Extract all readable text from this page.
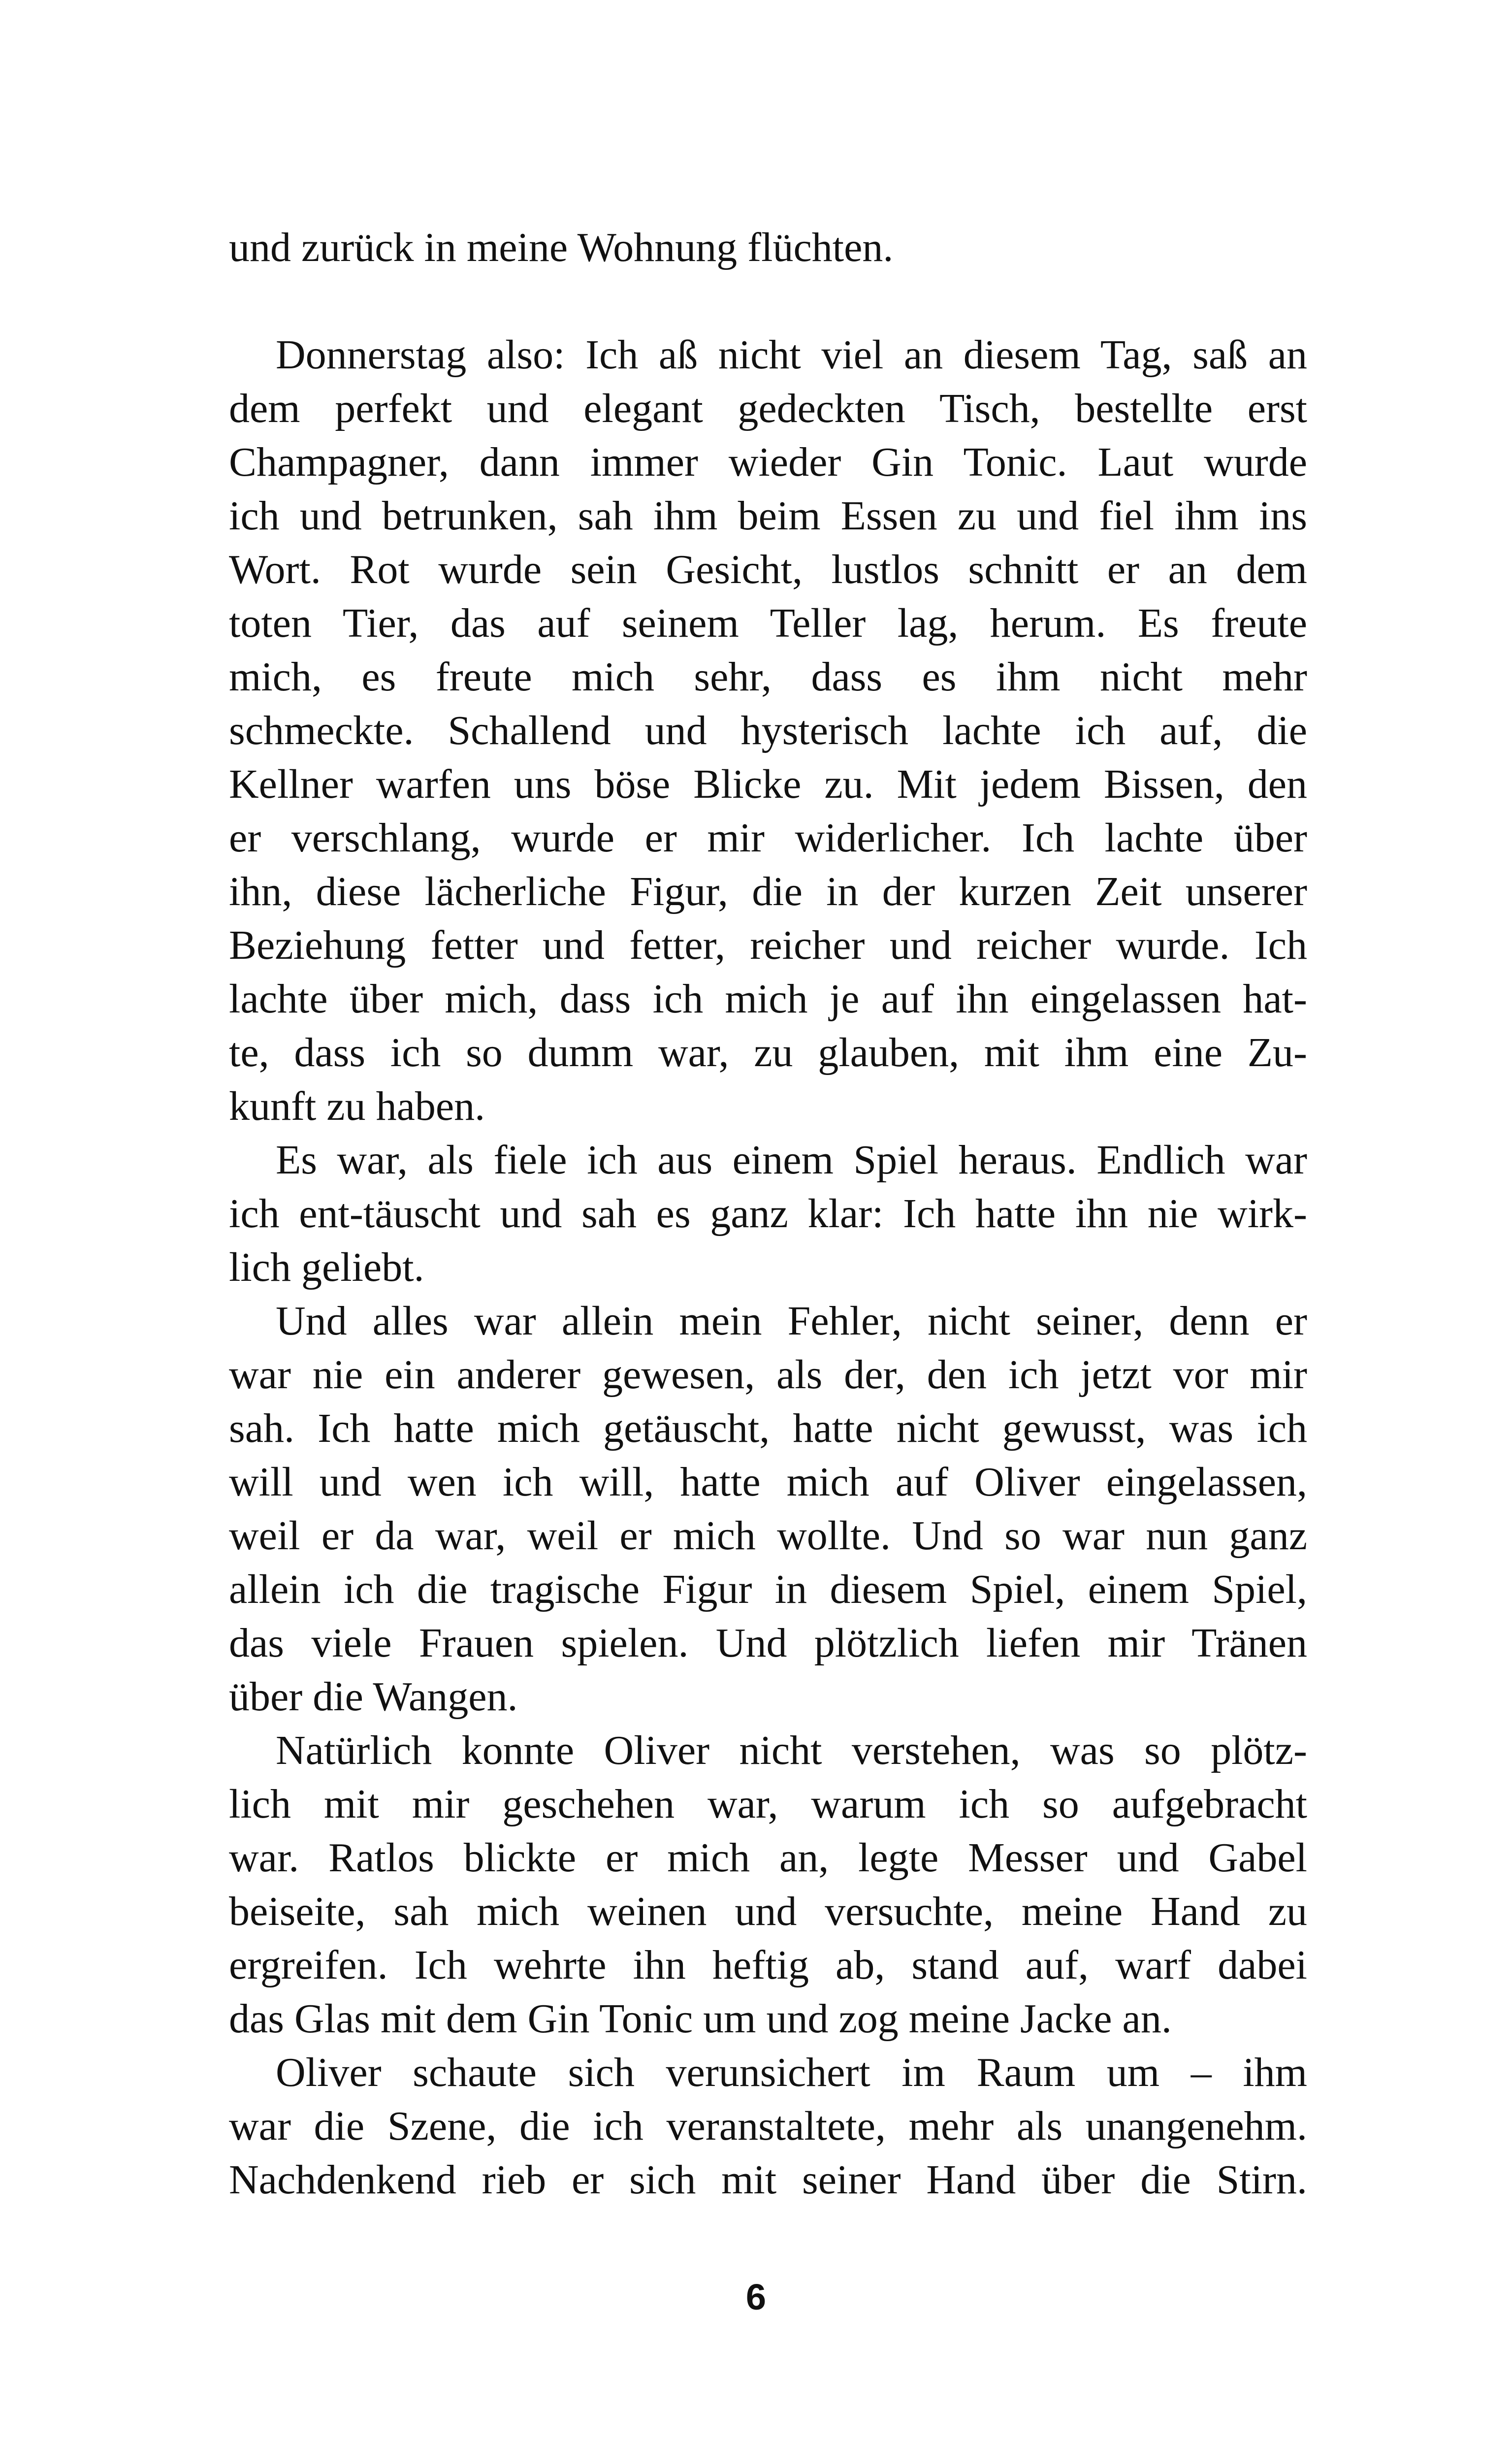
und zurück in meine Wohnung flüchten.
Donnerstag also: Ich aß nicht viel an diesem Tag, saß an
dem perfekt und elegant gedeckten Tisch, bestellte erst
Champagner, dann immer wieder Gin Tonic. Laut wurde
ich und betrunken, sah ihm beim Essen zu und fiel ihm ins
Wort. Rot wurde sein Gesicht, lustlos schnitt er an dem
toten Tier, das auf seinem Teller lag, herum. Es freute
mich, es freute mich sehr, dass es ihm nicht mehr
schmeckte. Schallend und hysterisch lachte ich auf, die
Kellner warfen uns böse Blicke zu. Mit jedem Bissen, den
er verschlang, wurde er mir widerlicher. Ich lachte über
ihn, diese lächerliche Figur, die in der kurzen Zeit unserer
Beziehung fetter und fetter, reicher und reicher wurde. Ich
lachte über mich, dass ich mich je auf ihn eingelassen hat-
te, dass ich so dumm war, zu glauben, mit ihm eine Zu-
kunft zu haben.
Es war, als fiele ich aus einem Spiel heraus. Endlich war
ich ent-täuscht und sah es ganz klar: Ich hatte ihn nie wirk-
lich geliebt.
Und alles war allein mein Fehler, nicht seiner, denn er
war nie ein anderer gewesen, als der, den ich jetzt vor mir
sah. Ich hatte mich getäuscht, hatte nicht gewusst, was ich
will und wen ich will, hatte mich auf Oliver eingelassen,
weil er da war, weil er mich wollte. Und so war nun ganz
allein ich die tragische Figur in diesem Spiel, einem Spiel,
das viele Frauen spielen. Und plötzlich liefen mir Tränen
über die Wangen.
Natürlich konnte Oliver nicht verstehen, was so plötz-
lich mit mir geschehen war, warum ich so aufgebracht
war. Ratlos blickte er mich an, legte Messer und Gabel
beiseite, sah mich weinen und versuchte, meine Hand zu
ergreifen. Ich wehrte ihn heftig ab, stand auf, warf dabei
das Glas mit dem Gin Tonic um und zog meine Jacke an.
Oliver schaute sich verunsichert im Raum um – ihm
war die Szene, die ich veranstaltete, mehr als unangenehm.
Nachdenkend rieb er sich mit seiner Hand über die Stirn.
6
